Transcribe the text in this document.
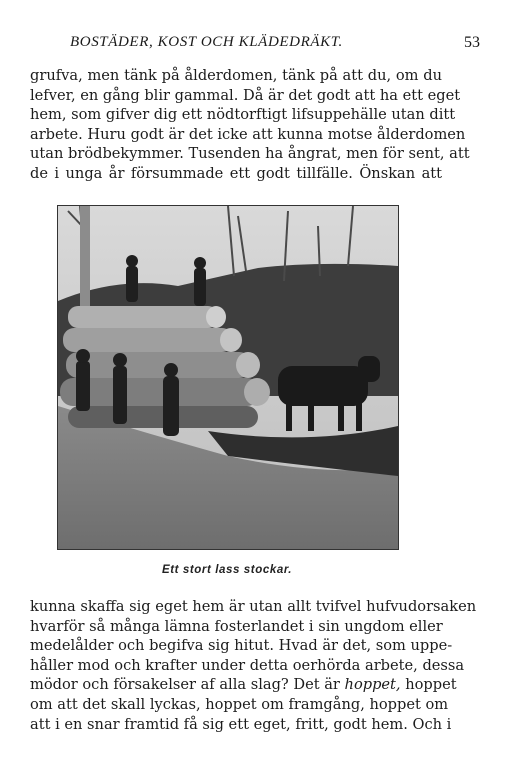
BOSTÄDER, KOST OCH KLÄDEDRÄKT.	53

grufva, men tänk på ålderdomen, tänk på att du, om du
lefver, en gång blir gammal. Då är det godt att ha ett eget
hem, som gifver dig ett nödtorftigt lifsuppehälle utan ditt
arbete. Huru godt är det icke att kunna motse ålderdomen
utan brödbekymmer. Tusenden ha ångrat, men för sent, att
de i unga år försummade ett godt tillfälle. Önskan att

Ett stort lass stockar.

kunna skaffa sig eget hem är utan allt tvifvel hufvudorsaken
hvarför så många lämna fosterlandet i sin ungdom eller
medelålder och begifva sig hitut. Hvad är det, som uppe-
håller mod och krafter under detta oerhörda arbete, dessa
mödor och försakelser af alla slag? Det är hoppet, hoppet
om att det skall lyckas, hoppet om framgång, hoppet om
att i en snar framtid få sig ett eget, fritt, godt hem. Och i
